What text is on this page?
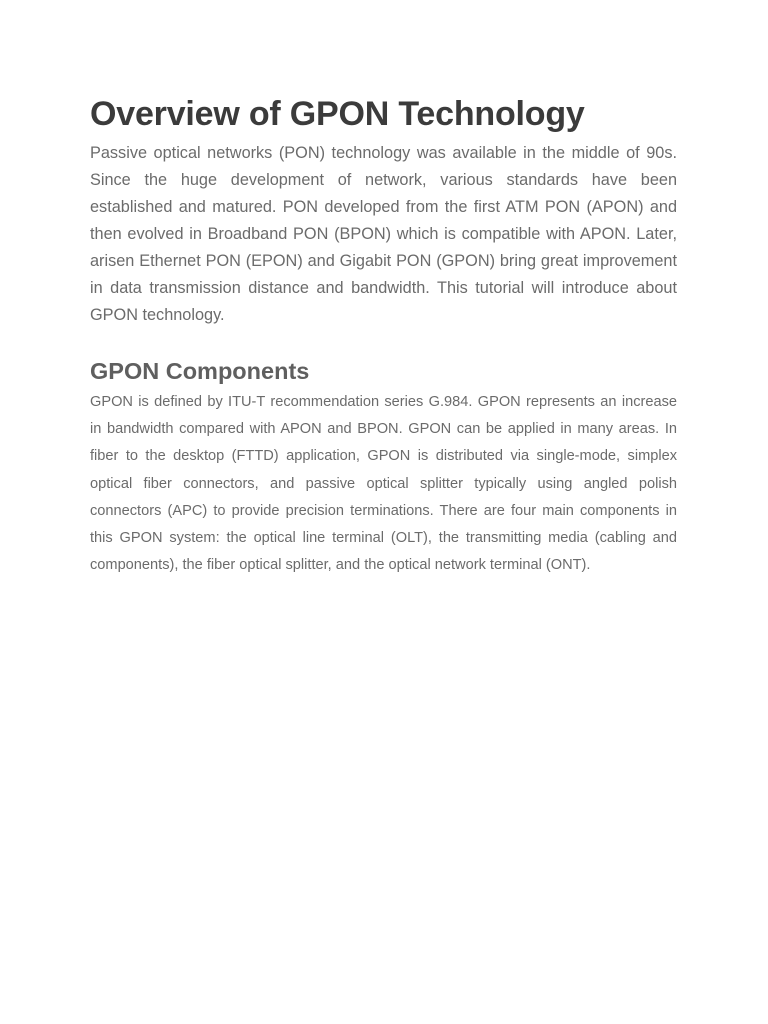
Overview of GPON Technology

Passive optical networks (PON) technology was available in the middle of 90s. Since the huge development of network, various standards have been established and matured. PON developed from the first ATM PON (APON) and then evolved in Broadband PON (BPON) which is compatible with APON. Later, arisen Ethernet PON (EPON) and Gigabit PON (GPON) bring great improvement in data transmission distance and bandwidth. This tutorial will introduce about GPON technology.

GPON Components

GPON is defined by ITU-T recommendation series G.984. GPON represents an increase in bandwidth compared with APON and BPON. GPON can be applied in many areas. In fiber to the desktop (FTTD) application, GPON is distributed via single-mode, simplex optical fiber connectors, and passive optical splitter typically using angled polish connectors (APC) to provide precision terminations. There are four main components in this GPON system: the optical line terminal (OLT), the transmitting media (cabling and components), the fiber optical splitter, and the optical network terminal (ONT).
